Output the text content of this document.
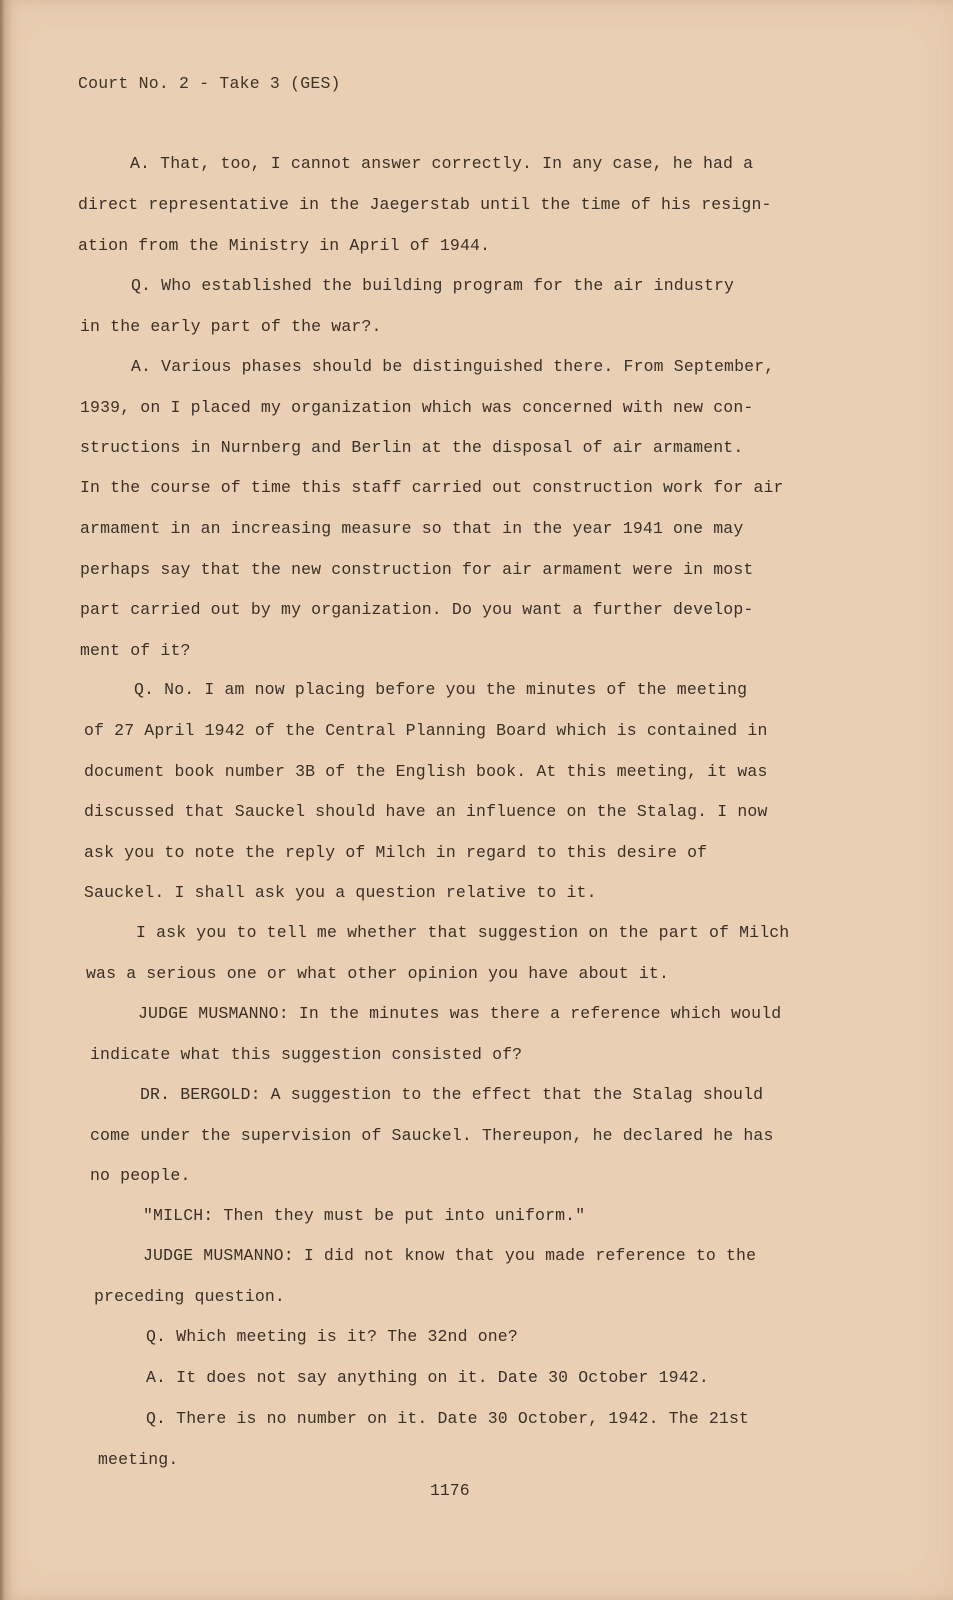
Court No. 2 - Take 3 (GES)
A. That, too, I cannot answer correctly. In any case, he had a
direct representative in the Jaegerstab until the time of his resign-
ation from the Ministry in April of 1944.
Q. Who established the building program for the air industry
in the early part of the war?.
A. Various phases should be distinguished there. From September,
1939, on I placed my organization which was concerned with new con-
structions in Nurnberg and Berlin at the disposal of air armament.
In the course of time this staff carried out construction work for air
armament in an increasing measure so that in the year 1941 one may
perhaps say that the new construction for air armament were in most
part carried out by my organization. Do you want a further develop-
ment of it?
Q. No. I am now placing before you the minutes of the meeting
of 27 April 1942 of the Central Planning Board which is contained in
document book number 3B of the English book. At this meeting, it was
discussed that Sauckel should have an influence on the Stalag. I now
ask you to note the reply of Milch in regard to this desire of
Sauckel. I shall ask you a question relative to it.
I ask you to tell me whether that suggestion on the part of Milch
was a serious one or what other opinion you have about it.
JUDGE MUSMANNO: In the minutes was there a reference which would
indicate what this suggestion consisted of?
DR. BERGOLD: A suggestion to the effect that the Stalag should
come under the supervision of Sauckel. Thereupon, he declared he has
no people.
"MILCH: Then they must be put into uniform."
JUDGE MUSMANNO: I did not know that you made reference to the
preceding question.
Q. Which meeting is it? The 32nd one?
A. It does not say anything on it. Date 30 October 1942.
Q. There is no number on it. Date 30 October, 1942. The 21st
meeting.
1176
